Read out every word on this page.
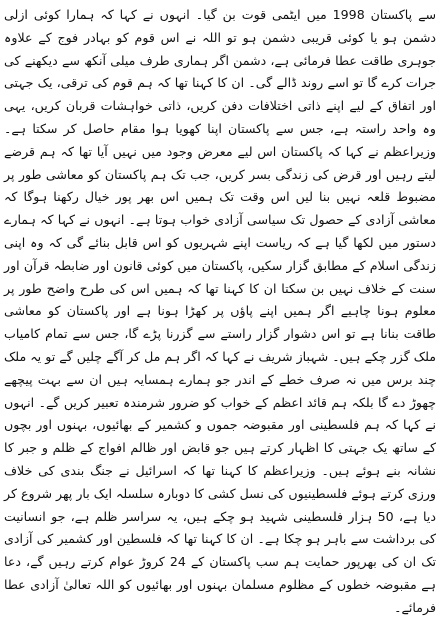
سے پاکستان 1998 میں ایٹمی قوت بن گیا۔ انہوں نے کہا کہ ہمارا کوئی ازلی دشمن ہو یا کوئی قریبی دشمن ہو تو اللہ نے اس قوم کو بہادر فوج کے علاوہ جوہری طاقت عطا فرمائی ہے، دشمن اگر ہماری طرف میلی آنکھ سے دیکھنے کی جرات کرے گا تو اسے روند ڈالے گی۔ ان کا کہنا تھا کہ ہم قوم کی ترقی، یک جہتی اور اتفاق کے لیے اپنے ذاتی اختلافات دفن کریں، ذاتی خواہشات قربان کریں، یہی وہ واحد راستہ ہے، جس سے پاکستان اپنا کھویا ہوا مقام حاصل کر سکتا ہے۔ وزیراعظم نے کہا کہ پاکستان اس لیے معرض وجود میں نہیں آیا تھا کہ ہم قرضے لیتے رہیں اور قرض کی زندگی بسر کریں، جب تک ہم پاکستان کو معاشی طور پر مضبوط قلعہ نہیں بنا لیں اس وقت تک ہمیں اس بھر پور خیال رکھنا ہوگا کہ معاشی آزادی کے حصول تک سیاسی آزادی خواب ہوتا ہے۔ انہوں نے کہا کہ ہمارے دستور میں لکھا گیا ہے کہ ریاست اپنے شہریوں کو اس قابل بنائے گی کہ وہ اپنی زندگی اسلام کے مطابق گزار سکیں، پاکستان میں کوئی قانون اور ضابطہ قرآن اور سنت کے خلاف نہیں بن سکتا ان کا کہنا تھا کہ ہمیں اس کی طرح واضح طور پر معلوم ہونا چاہیے اگر ہمیں اپنے پاؤں پر کھڑا ہونا ہے اور پاکستان کو معاشی طاقت بنانا ہے تو اس دشوار گزار راستے سے گزرنا پڑے گا، جس سے تمام کامیاب ملک گزر چکے ہیں۔ شہباز شریف نے کہا کہ اگر ہم مل کر آگے چلیں گے تو یہ ملک چند برس میں نہ صرف خطے کے اندر جو ہمارے ہمسایہ ہیں ان سے بہت پیچھے چھوڑ دے گا بلکہ ہم قائد اعظم کے خواب کو ضرور شرمندہ تعبیر کریں گے۔ انہوں نے کہا کہ ہم فلسطینی اور مقبوضہ جموں و کشمیر کے بھائیوں، بہنوں اور بچوں کے ساتھ یک جہتی کا اظہار کرتے ہیں جو قابض اور ظالم افواج کے ظلم و جبر کا نشانہ بنے ہوئے ہیں۔ وزیراعظم کا کہنا تھا کہ اسرائیل نے جنگ بندی کی خلاف ورزی کرتے ہوئے فلسطینیوں کی نسل کشی کا دوبارہ سلسلہ ایک بار پھر شروع کر دیا ہے، 50 ہزار فلسطینی شہید ہو چکے ہیں، یہ سراسر ظلم ہے، جو انسانیت کی برداشت سے باہر ہو چکا ہے۔ ان کا کہنا تھا کہ فلسطین اور کشمیر کی آزادی تک ان کی بھرپور حمایت ہم سب پاکستان کے 24 کروڑ عوام کرتے رہیں گے، دعا ہے مقبوضہ خطوں کے مظلوم مسلمان بہنوں اور بھائیوں کو اللہ تعالیٰ آزادی عطا فرمائے۔
